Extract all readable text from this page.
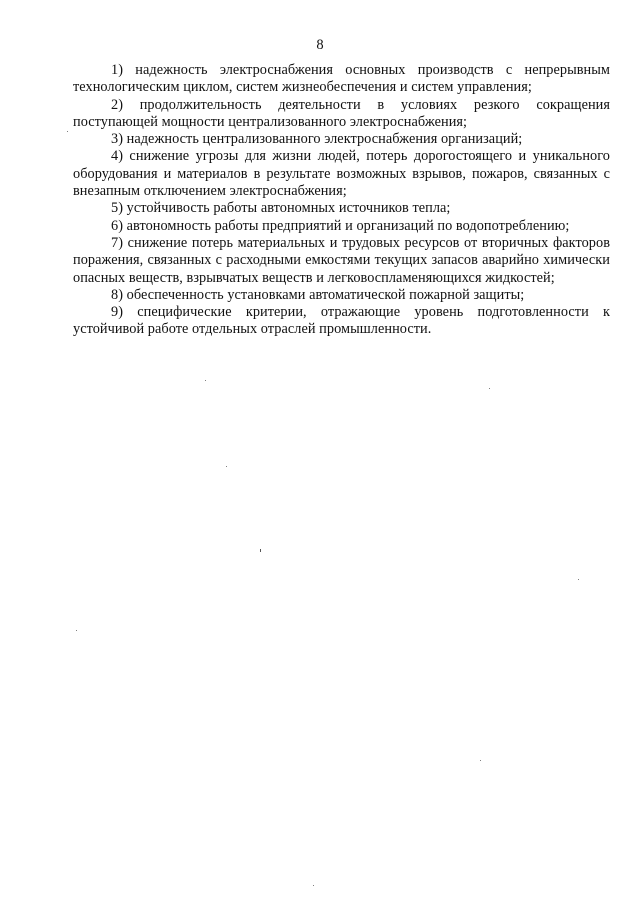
8

1) надежность электроснабжения основных производств с непрерывным технологическим циклом, систем жизнеобеспечения и систем управления;

2) продолжительность деятельности в условиях резкого сокращения поступающей мощности централизованного электроснабжения;

3) надежность централизованного электроснабжения организаций;

4) снижение угрозы для жизни людей, потерь дорогостоящего и уникального оборудования и материалов в результате возможных взрывов, пожаров, связанных с внезапным отключением электроснабжения;

5) устойчивость работы автономных источников тепла;

6) автономность работы предприятий и организаций по водопотреблению;

7) снижение потерь материальных и трудовых ресурсов от вторичных факторов поражения, связанных с расходными емкостями текущих запасов аварийно химически опасных веществ, взрывчатых веществ и легковоспламеняющихся жидкостей;

8) обеспеченность установками автоматической пожарной защиты;

9) специфические критерии, отражающие уровень подготовленности к устойчивой работе отдельных отраслей промышленности.
